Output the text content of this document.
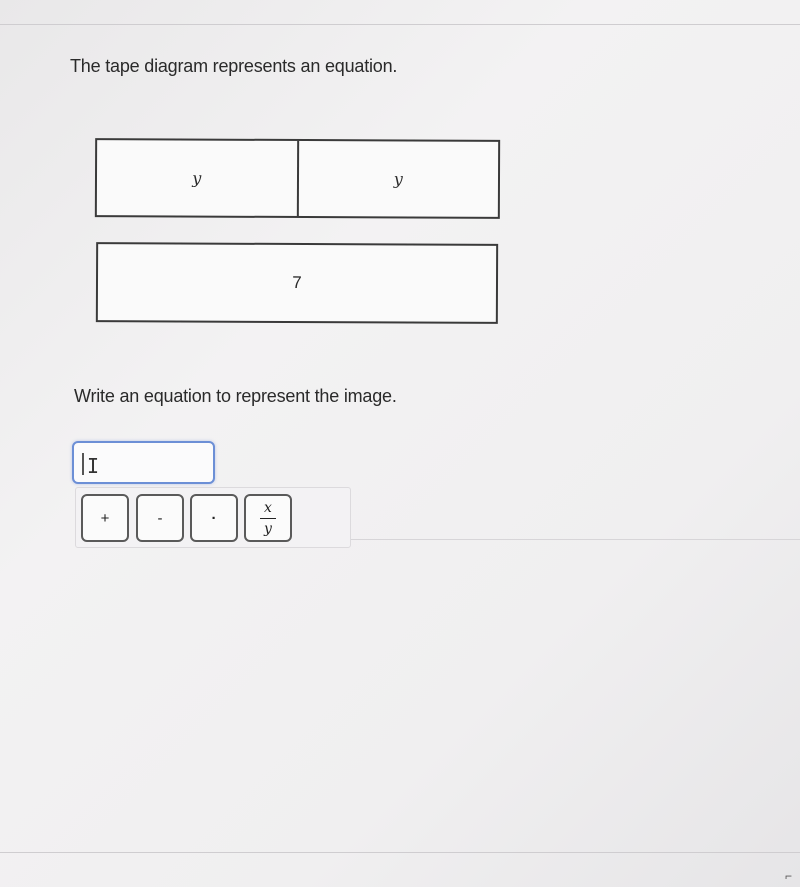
The tape diagram represents an equation.
y	y
7
Write an equation to represent the image.
I
+	-	·
x
y
⌐
